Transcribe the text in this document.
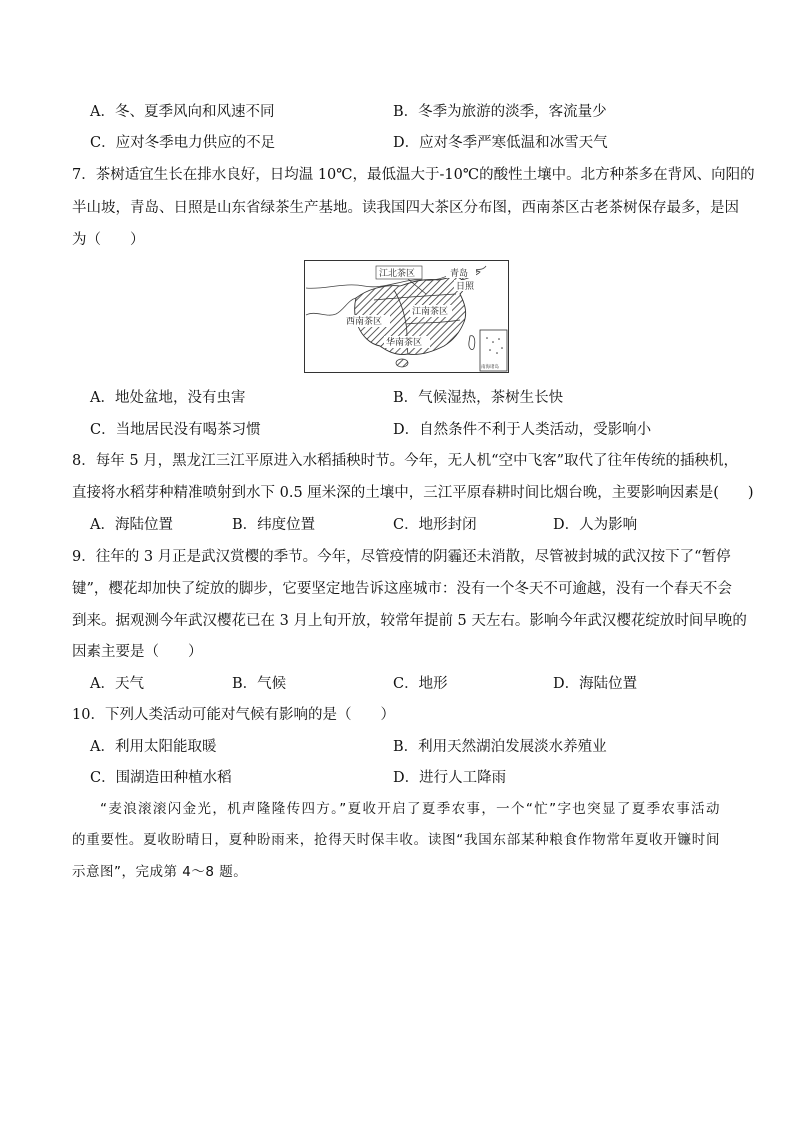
A．冬、夏季风向和风速不同	B．冬季为旅游的淡季，客流量少
C．应对冬季电力供应的不足	D．应对冬季严寒低温和冰雪天气
7．茶树适宜生长在排水良好，日均温 10℃，最低温大于-10℃的酸性土壤中。北方种茶多在背风、向阳的
半山坡，青岛、日照是山东省绿茶生产基地。读我国四大茶区分布图，西南茶区古老茶树保存最多，是因
为（　　）
江北茶区	青岛
日照
西南茶区
江南茶区
华南茶区
南海诸岛
A．地处盆地，没有虫害	B．气候湿热，茶树生长快
C．当地居民没有喝茶习惯	D．自然条件不利于人类活动，受影响小
8．每年 5 月，黑龙江三江平原进入水稻插秧时节。今年，无人机“空中飞客”取代了往年传统的插秧机，
直接将水稻芽种精准喷射到水下 0.5 厘米深的土壤中，三江平原春耕时间比烟台晚，主要影响因素是(　　)
A．海陆位置	B．纬度位置	C．地形封闭	D．人为影响
9．往年的 3 月正是武汉赏樱的季节。今年，尽管疫情的阴霾还未消散，尽管被封城的武汉按下了“暂停
键”，樱花却加快了绽放的脚步，它要坚定地告诉这座城市：没有一个冬天不可逾越，没有一个春天不会
到来。据观测今年武汉樱花已在 3 月上旬开放，较常年提前 5 天左右。影响今年武汉樱花绽放时间早晚的
因素主要是（　　）
A．天气	B．气候	C．地形	D．海陆位置
10．下列人类活动可能对气候有影响的是（　　）
A．利用太阳能取暖	B．利用天然湖泊发展淡水养殖业
C．围湖造田种植水稻	D．进行人工降雨
“麦浪滚滚闪金光，机声隆隆传四方。”夏收开启了夏季农事，一个“忙”字也突显了夏季农事活动
的重要性。夏收盼晴日，夏种盼雨来，抢得天时保丰收。读图“我国东部某种粮食作物常年夏收开镰时间
示意图”，完成第 4～8 题。
